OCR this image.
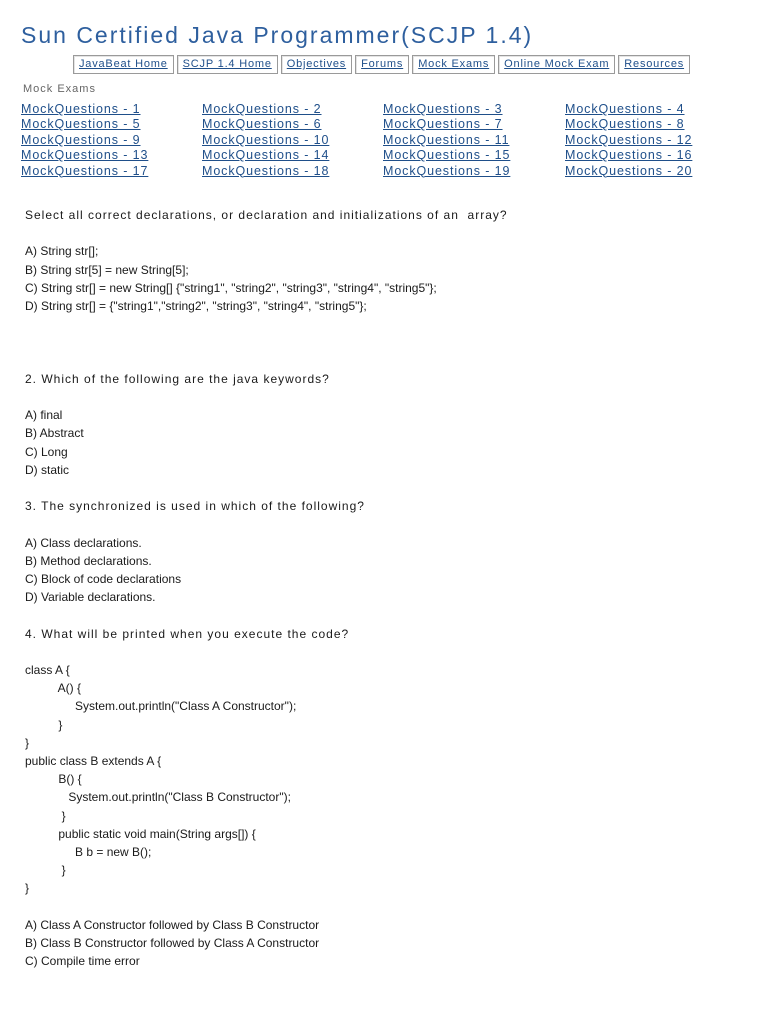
Sun Certified Java Programmer(SCJP 1.4)
JavaBeat Home	SCJP 1.4 Home	Objectives	Forums	Mock Exams	Online Mock Exam	Resources
Mock Exams
MockQuestions - 1	MockQuestions - 2	MockQuestions - 3	MockQuestions - 4
MockQuestions - 5	MockQuestions - 6	MockQuestions - 7	MockQuestions - 8
MockQuestions - 9	MockQuestions - 10	MockQuestions - 11	MockQuestions - 12
MockQuestions - 13	MockQuestions - 14	MockQuestions - 15	MockQuestions - 16
MockQuestions - 17	MockQuestions - 18	MockQuestions - 19	MockQuestions - 20
Select all correct declarations, or declaration and initializations of an  array?
A) String str[];
B) String str[5] = new String[5];
C) String str[] = new String[] {"string1", "string2", "string3", "string4", "string5"};
D) String str[] = {"string1","string2", "string3", "string4", "string5"};
2. Which of the following are the java keywords?
A) final
B) Abstract
C) Long
D) static
3. The synchronized is used in which of the following?
A) Class declarations.
B) Method declarations.
C) Block of code declarations
D) Variable declarations.
4. What will be printed when you execute the code?
class A {
A() {
System.out.println("Class A Constructor");
}
}
public class B extends A {
B() {
System.out.println("Class B Constructor");
}
public static void main(String args[]) {
B b = new B();
}
}
A) Class A Constructor followed by Class B Constructor
B) Class B Constructor followed by Class A Constructor
C) Compile time error
